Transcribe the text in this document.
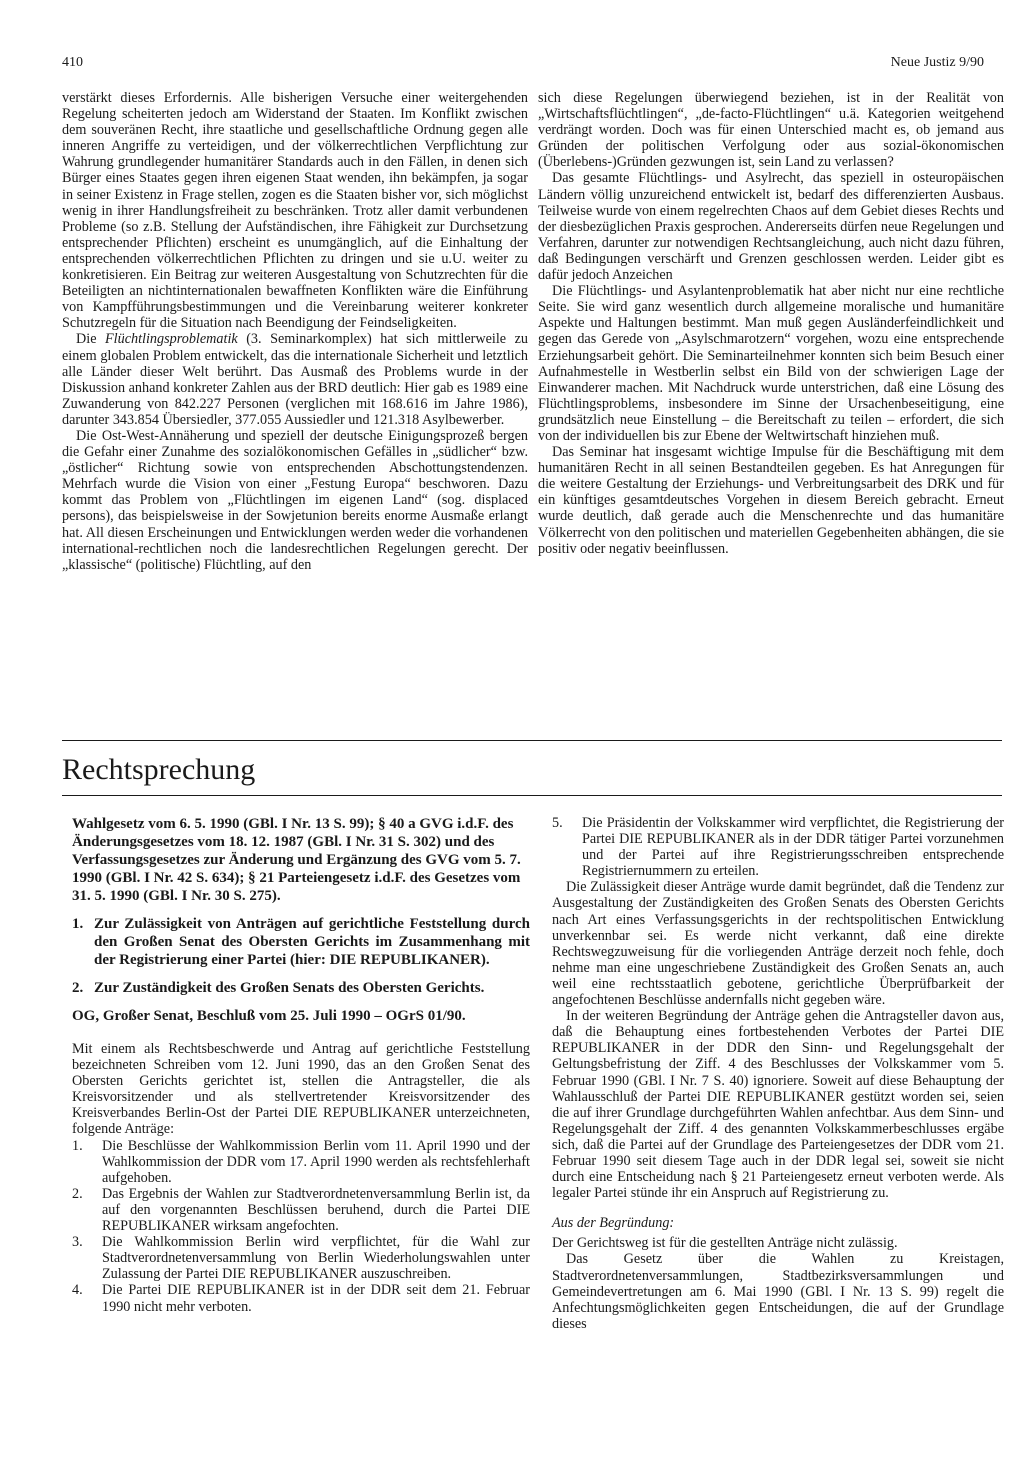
410	Neue Justiz 9/90

verstärkt dieses Erfordernis. Alle bisherigen Versuche einer weitergehenden Regelung scheiterten jedoch am Widerstand der Staaten. Im Konflikt zwischen dem souveränen Recht, ihre staatliche und gesellschaftliche Ordnung gegen alle inneren Angriffe zu verteidigen, und der völkerrechtlichen Verpflichtung zur Wahrung grundlegender humanitärer Standards auch in den Fällen, in denen sich Bürger eines Staates gegen ihren eigenen Staat wenden, ihn bekämpfen, ja sogar in seiner Existenz in Frage stellen, zogen es die Staaten bisher vor, sich möglichst wenig in ihrer Handlungsfreiheit zu beschränken. Trotz aller damit verbundenen Probleme (so z.B. Stellung der Aufständischen, ihre Fähigkeit zur Durchsetzung entsprechender Pflichten) erscheint es unumgänglich, auf die Einhaltung der entsprechenden völkerrechtlichen Pflichten zu dringen und sie u.U. weiter zu konkretisieren. Ein Beitrag zur weiteren Ausgestaltung von Schutzrechten für die Beteiligten an nichtinternationalen bewaffneten Konflikten wäre die Einführung von Kampfführungsbestimmungen und die Vereinbarung weiterer konkreter Schutzregeln für die Situation nach Beendigung der Feindseligkeiten.

Die Flüchtlingsproblematik (3. Seminarkomplex) hat sich mittlerweile zu einem globalen Problem entwickelt, das die internationale Sicherheit und letztlich alle Länder dieser Welt berührt. Das Ausmaß des Problems wurde in der Diskussion anhand konkreter Zahlen aus der BRD deutlich: Hier gab es 1989 eine Zuwanderung von 842.227 Personen (verglichen mit 168.616 im Jahre 1986), darunter 343.854 Übersiedler, 377.055 Aussiedler und 121.318 Asylbewerber.

Die Ost-West-Annäherung und speziell der deutsche Einigungsprozeß bergen die Gefahr einer Zunahme des sozialökonomischen Gefälles in „südlicher“ bzw. „östlicher“ Richtung sowie von entsprechenden Abschottungstendenzen. Mehrfach wurde die Vision von einer „Festung Europa“ beschworen. Dazu kommt das Problem von „Flüchtlingen im eigenen Land“ (sog. displaced persons), das beispielsweise in der Sowjetunion bereits enorme Ausmaße erlangt hat. All diesen Erscheinungen und Entwicklungen werden weder die vorhandenen international-rechtlichen noch die landesrechtlichen Regelungen gerecht. Der „klassische“ (politische) Flüchtling, auf den

sich diese Regelungen überwiegend beziehen, ist in der Realität von „Wirtschaftsflüchtlingen“, „de-facto-Flüchtlingen“ u.ä. Kategorien weitgehend verdrängt worden. Doch was für einen Unterschied macht es, ob jemand aus Gründen der politischen Verfolgung oder aus sozial-ökonomischen (Überlebens-)Gründen gezwungen ist, sein Land zu verlassen?

Das gesamte Flüchtlings- und Asylrecht, das speziell in osteuropäischen Ländern völlig unzureichend entwickelt ist, bedarf des differenzierten Ausbaus. Teilweise wurde von einem regelrechten Chaos auf dem Gebiet dieses Rechts und der diesbezüglichen Praxis gesprochen. Andererseits dürfen neue Regelungen und Verfahren, darunter zur notwendigen Rechtsangleichung, auch nicht dazu führen, daß Bedingungen verschärft und Grenzen geschlossen werden. Leider gibt es dafür jedoch Anzeichen

Die Flüchtlings- und Asylantenproblematik hat aber nicht nur eine rechtliche Seite. Sie wird ganz wesentlich durch allgemeine moralische und humanitäre Aspekte und Haltungen bestimmt. Man muß gegen Ausländerfeindlichkeit und gegen das Gerede von „Asylschmarotzern“ vorgehen, wozu eine entsprechende Erziehungsarbeit gehört. Die Seminarteilnehmer konnten sich beim Besuch einer Aufnahmestelle in Westberlin selbst ein Bild von der schwierigen Lage der Einwanderer machen. Mit Nachdruck wurde unterstrichen, daß eine Lösung des Flüchtlingsproblems, insbesondere im Sinne der Ursachenbeseitigung, eine grundsätzlich neue Einstellung – die Bereitschaft zu teilen – erfordert, die sich von der individuellen bis zur Ebene der Weltwirtschaft hinziehen muß.

Das Seminar hat insgesamt wichtige Impulse für die Beschäftigung mit dem humanitären Recht in all seinen Bestandteilen gegeben. Es hat Anregungen für die weitere Gestaltung der Erziehungs- und Verbreitungsarbeit des DRK und für ein künftiges gesamtdeutsches Vorgehen in diesem Bereich gebracht. Erneut wurde deutlich, daß gerade auch die Menschenrechte und das humanitäre Völkerrecht von den politischen und materiellen Gegebenheiten abhängen, die sie positiv oder negativ beeinflussen.

Rechtsprechung

Wahlgesetz vom 6. 5. 1990 (GBl. I Nr. 13 S. 99); § 40 a GVG i.d.F. des Änderungsgesetzes vom 18. 12. 1987 (GBl. I Nr. 31 S. 302) und des Verfassungsgesetzes zur Änderung und Ergänzung des GVG vom 5. 7. 1990 (GBl. I Nr. 42 S. 634); § 21 Parteiengesetz i.d.F. des Gesetzes vom 31. 5. 1990 (GBl. I Nr. 30 S. 275).

1. Zur Zulässigkeit von Anträgen auf gerichtliche Feststellung durch den Großen Senat des Obersten Gerichts im Zusammenhang mit der Registrierung einer Partei (hier: DIE REPUBLIKANER).

2. Zur Zuständigkeit des Großen Senats des Obersten Gerichts.

OG, Großer Senat, Beschluß vom 25. Juli 1990 – OGrS 01/90.

Mit einem als Rechtsbeschwerde und Antrag auf gerichtliche Feststellung bezeichneten Schreiben vom 12. Juni 1990, das an den Großen Senat des Obersten Gerichts gerichtet ist, stellen die Antragsteller, die als Kreisvorsitzender und als stellvertretender Kreisvorsitzender des Kreisverbandes Berlin-Ost der Partei DIE REPUBLIKANER unterzeichneten, folgende Anträge:

1.	Die Beschlüsse der Wahlkommission Berlin vom 11. April 1990 und der Wahlkommission der DDR vom 17. April 1990 werden als rechtsfehlerhaft aufgehoben.
2.	Das Ergebnis der Wahlen zur Stadtverordnetenversammlung Berlin ist, da auf den vorgenannten Beschlüssen beruhend, durch die Partei DIE REPUBLIKANER wirksam angefochten.
3.	Die Wahlkommission Berlin wird verpflichtet, für die Wahl zur Stadtverordnetenversammlung von Berlin Wiederholungswahlen unter Zulassung der Partei DIE REPUBLIKANER auszuschreiben.
4.	Die Partei DIE REPUBLIKANER ist in der DDR seit dem 21. Februar 1990 nicht mehr verboten.
5.	Die Präsidentin der Volkskammer wird verpflichtet, die Registrierung der Partei DIE REPUBLIKANER als in der DDR tätiger Partei vorzunehmen und der Partei auf ihre Registrierungsschreiben entsprechende Registriernummern zu erteilen.

Die Zulässigkeit dieser Anträge wurde damit begründet, daß die Tendenz zur Ausgestaltung der Zuständigkeiten des Großen Senats des Obersten Gerichts nach Art eines Verfassungsgerichts in der rechtspolitischen Entwicklung unverkennbar sei. Es werde nicht verkannt, daß eine direkte Rechtswegzuweisung für die vorliegenden Anträge derzeit noch fehle, doch nehme man eine ungeschriebene Zuständigkeit des Großen Senats an, auch weil eine rechtsstaatlich gebotene, gerichtliche Überprüfbarkeit der angefochtenen Beschlüsse andernfalls nicht gegeben wäre.

In der weiteren Begründung der Anträge gehen die Antragsteller davon aus, daß die Behauptung eines fortbestehenden Verbotes der Partei DIE REPUBLIKANER in der DDR den Sinn- und Regelungsgehalt der Geltungsbefristung der Ziff. 4 des Beschlusses der Volkskammer vom 5. Februar 1990 (GBl. I Nr. 7 S. 40) ignoriere. Soweit auf diese Behauptung der Wahlausschluß der Partei DIE REPUBLIKANER gestützt worden sei, seien die auf ihrer Grundlage durchgeführten Wahlen anfechtbar. Aus dem Sinn- und Regelungsgehalt der Ziff. 4 des genannten Volkskammerbeschlusses ergäbe sich, daß die Partei auf der Grundlage des Parteiengesetzes der DDR vom 21. Februar 1990 seit diesem Tage auch in der DDR legal sei, soweit sie nicht durch eine Entscheidung nach § 21 Parteiengesetz erneut verboten werde. Als legaler Partei stünde ihr ein Anspruch auf Registrierung zu.

Aus der Begründung:

Der Gerichtsweg ist für die gestellten Anträge nicht zulässig.

Das Gesetz über die Wahlen zu Kreistagen, Stadtverordnetenversammlungen, Stadtbezirksversammlungen und Gemeindevertretungen am 6. Mai 1990 (GBl. I Nr. 13 S. 99) regelt die Anfechtungsmöglichkeiten gegen Entscheidungen, die auf der Grundlage dieses
